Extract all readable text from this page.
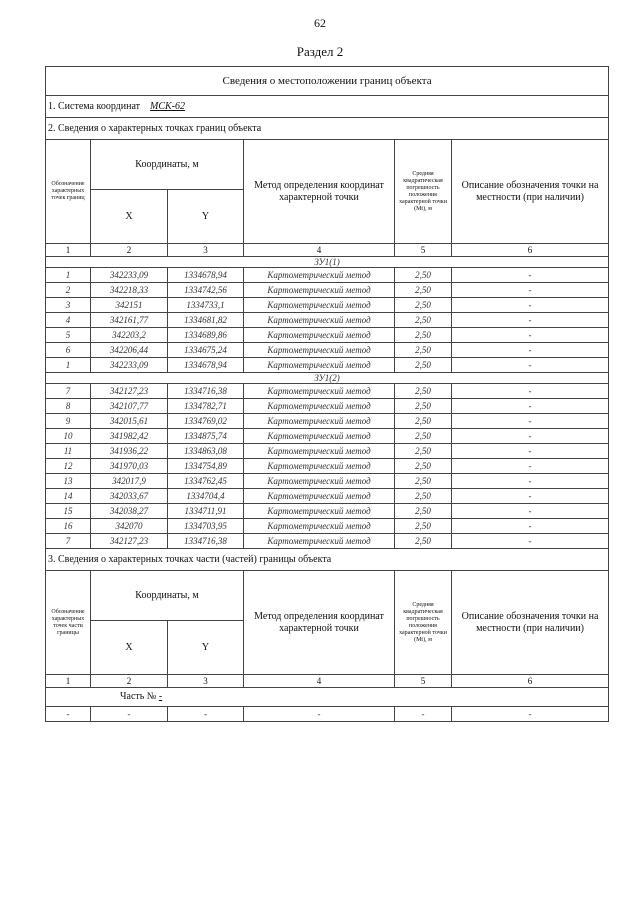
62
Раздел 2
Сведения о местоположении границ объекта					
1. Система координат МСК-62					
2. Сведения о характерных точках границ объекта					
Обозначение характерных точек границ	Координаты, м		Метод определения координат характерной точки	Средняя квадратическая погрешность положения характерной точки (Mt), м	Описание обозначения точки на местности (при наличии)
	X	Y			
1	2	3	4	5	6
ЗУ1(1)					
1	342233,09	1334678,94	Картометрический метод	2,50	-
2	342218,33	1334742,56	Картометрический метод	2,50	-
3	342151	1334733,1	Картометрический метод	2,50	-
4	342161,77	1334681,82	Картометрический метод	2,50	-
5	342203,2	1334689,86	Картометрический метод	2,50	-
6	342206,44	1334675,24	Картометрический метод	2,50	-
1	342233,09	1334678,94	Картометрический метод	2,50	-
ЗУ1(2)					
7	342127,23	1334716,38	Картометрический метод	2,50	-
8	342107,77	1334782,71	Картометрический метод	2,50	-
9	342015,61	1334769,02	Картометрический метод	2,50	-
10	341982,42	1334875,74	Картометрический метод	2,50	-
11	341936,22	1334863,08	Картометрический метод	2,50	-
12	341970,03	1334754,89	Картометрический метод	2,50	-
13	342017,9	1334762,45	Картометрический метод	2,50	-
14	342033,67	1334704,4	Картометрический метод	2,50	-
15	342038,27	1334711,91	Картометрический метод	2,50	-
16	342070	1334703,95	Картометрический метод	2,50	-
7	342127,23	1334716,38	Картометрический метод	2,50	-
3. Сведения о характерных точках части (частей) границы объекта					
Обозначение характерных точек части границы	Координаты, м		Метод определения координат характерной точки	Средняя квадратическая погрешность положения характерной точки (Mt), м	Описание обозначения точки на местности (при наличии)
	X	Y			
1	2	3	4	5	6
Часть № -					
-	-	-	-	-	-
